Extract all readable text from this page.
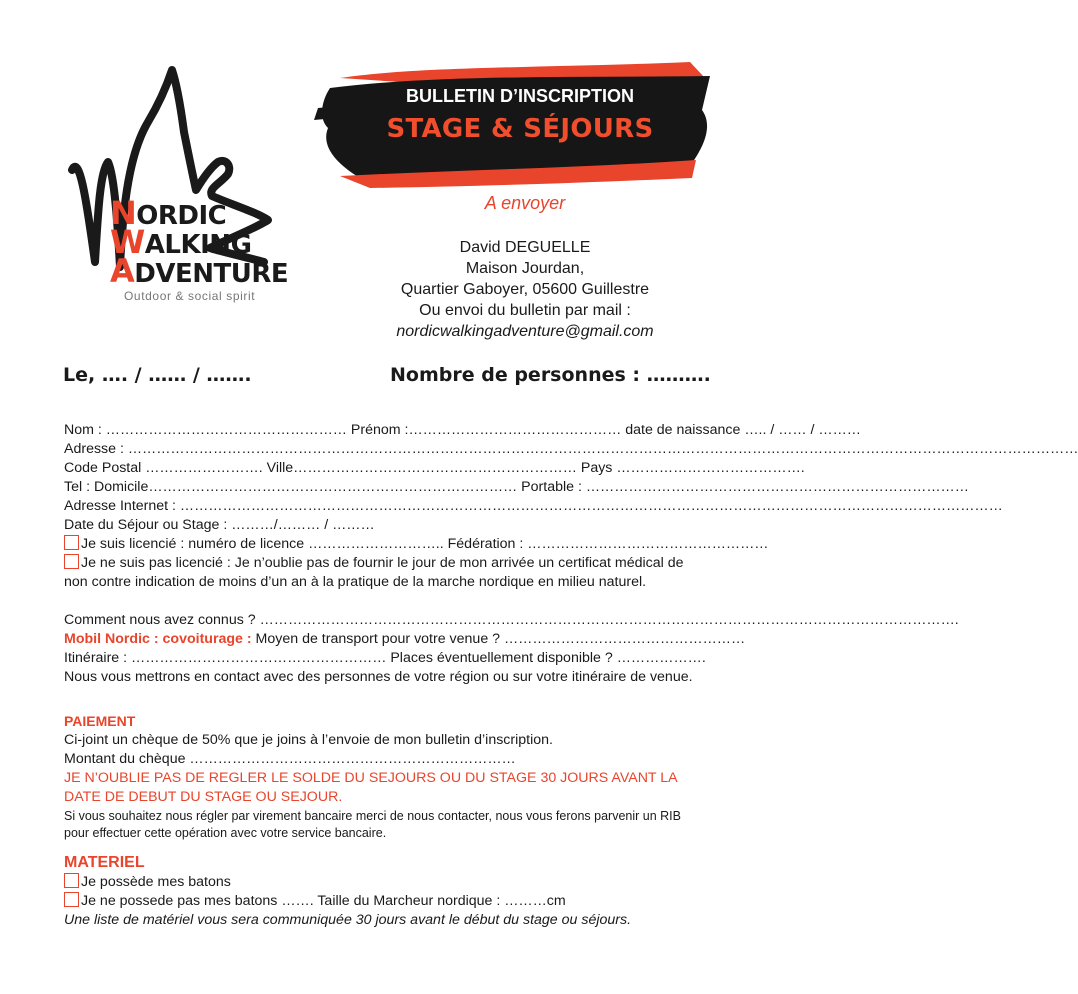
NORDIC
WALKING
ADVENTURE
Outdoor & social spirit
BULLETIN D’INSCRIPTION
STAGE & SÉJOURS
A envoyer
David DEGUELLE
Maison Jourdan,
Quartier Gaboyer, 05600 Guillestre
Ou envoi du bulletin par mail :
nordicwalkingadventure@gmail.com
Le, …. / …… / …….	Nombre de personnes : ……….
Nom : …………………………………………… Prénom :……………………………………… date de naissance ….. / …… / ………
Adresse : …………………………………………………………………………………………………………………………………………………………………………………
Code Postal ……………………. Ville…………………………………………………… Pays ………………………………….
Tel : Domicile…………………………………………………………………… Portable : ………………………………………………………………………
Adresse Internet : …………………………………………………………………………………………………………………………………………………………
Date du Séjour ou Stage : ………/……… / ………
Je suis licencié : numéro de licence ……………………….. Fédération : ……………………………………………
Je ne suis pas licencié : Je n’oublie pas de fournir le jour de mon arrivée un certificat médical de non contre indication de moins d’un an à la pratique de la marche nordique en milieu naturel.
Comment nous avez connus ? ………………………………………………………………………………………………………………………………….
Mobil Nordic : covoiturage : Moyen de transport pour votre venue ? ……………………………………………
Itinéraire : ……………………………………………… Places éventuellement disponible ? ……………….
Nous vous mettrons en contact avec des personnes de votre région ou sur votre itinéraire de venue.
PAIEMENT
Ci-joint un chèque de 50% que je joins à l’envoie de mon bulletin d’inscription.
Montant du chèque ……………………………………………………………
JE N’OUBLIE PAS DE REGLER LE SOLDE DU SEJOURS OU DU STAGE 30 JOURS AVANT LA DATE DE DEBUT DU STAGE OU SEJOUR.
Si vous souhaitez nous régler par virement bancaire merci de nous contacter, nous vous ferons parvenir un RIB pour effectuer cette opération avec votre service bancaire.
MATERIEL
Je possède mes batons
Je ne possede pas mes batons ……. Taille du Marcheur nordique : ………cm
Une liste de matériel vous sera communiquée 30 jours avant le début du stage ou séjours.
